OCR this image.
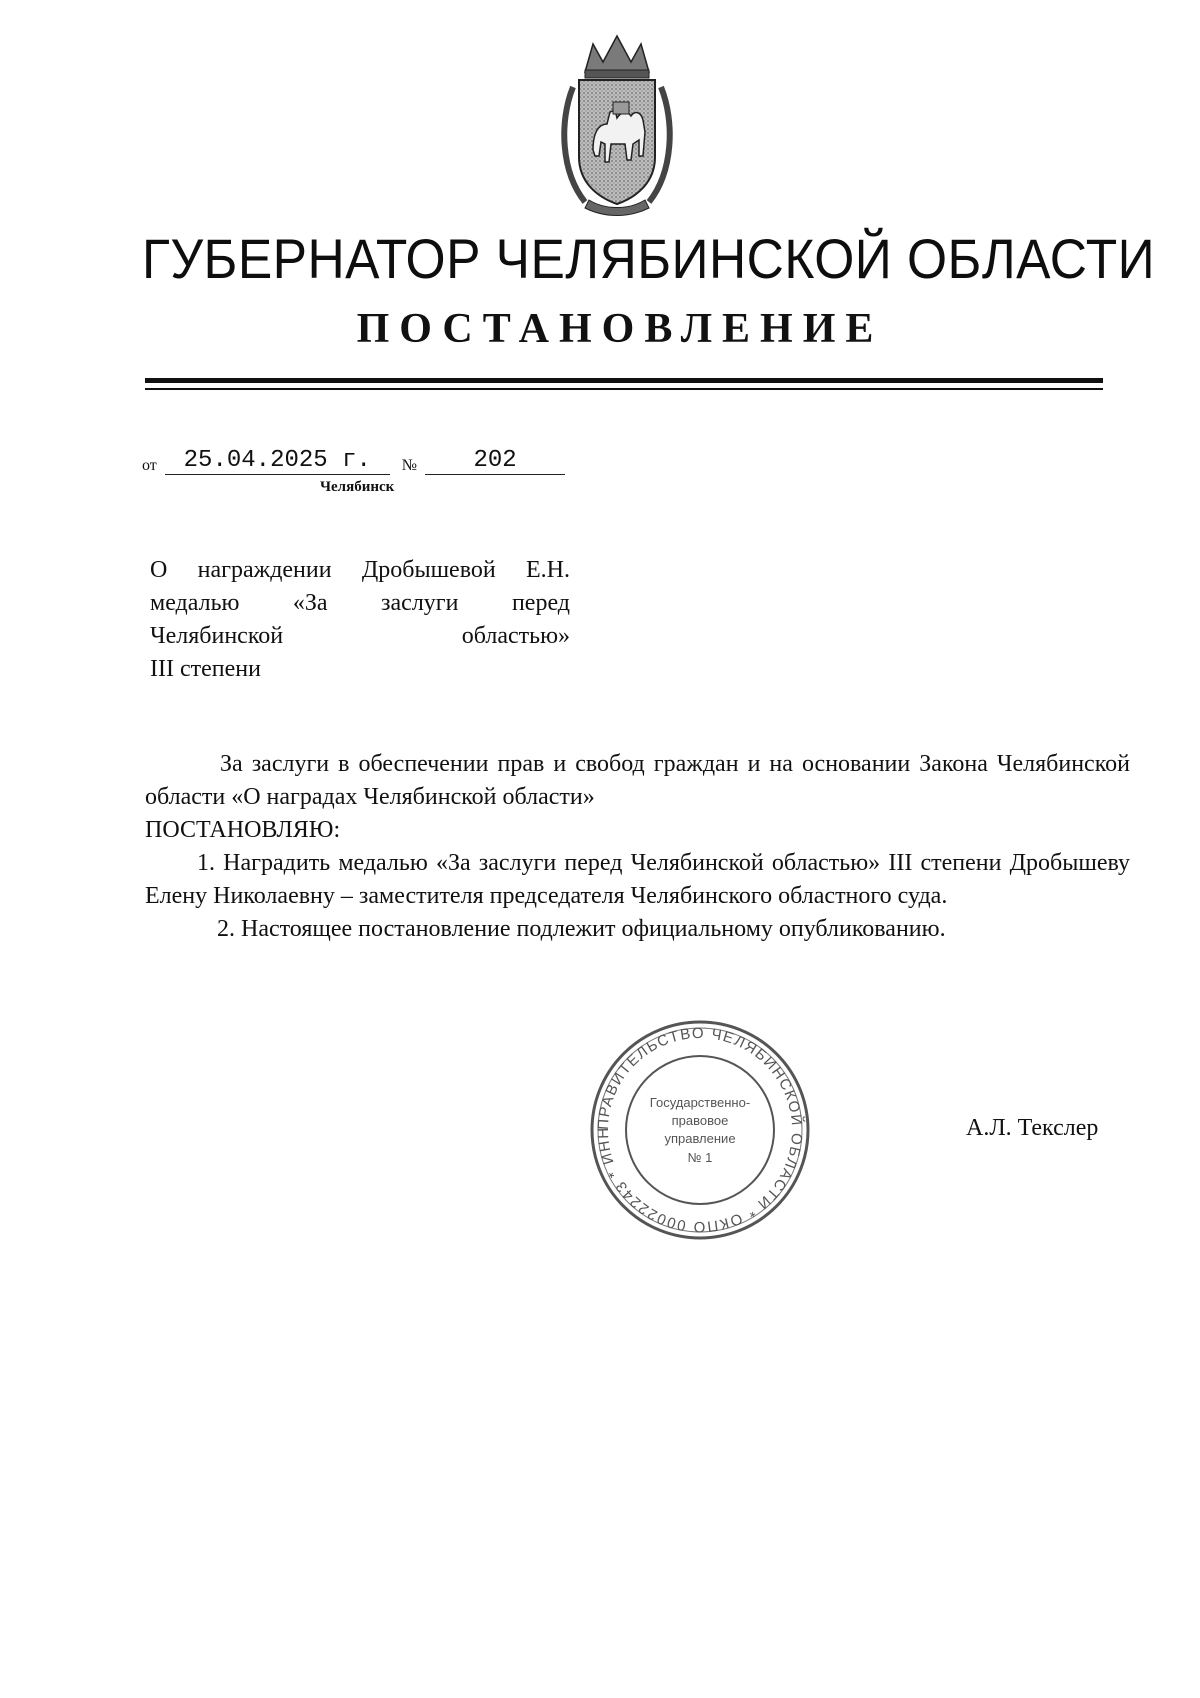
ГУБЕРНАТОР ЧЕЛЯБИНСКОЙ ОБЛАСТИ
ПОСТАНОВЛЕНИЕ
от 25.04.2025 г. № 202
Челябинск

О награждении Дробышевой Е.Н.

медалью «За заслуги перед

Челябинской областью»

III степени

За заслуги в обеспечении прав и свобод граждан и на основании Закона Челябинской области «О наградах Челябинской области»

ПОСТАНОВЛЯЮ:

1. Наградить медалью «За заслуги перед Челябинской областью» III степени Дробышеву Елену Николаевну – заместителя председателя Челябинского областного суда.

2. Настоящее постановление подлежит официальному опубликованию.

ПРАВИТЕЛЬСТВО ЧЕЛЯБИНСКОЙ ОБЛАСТИ * ОКПО 00022243 * ИНН
Государственно-
правовое
управление
№ 1
А.Л. Текслер
